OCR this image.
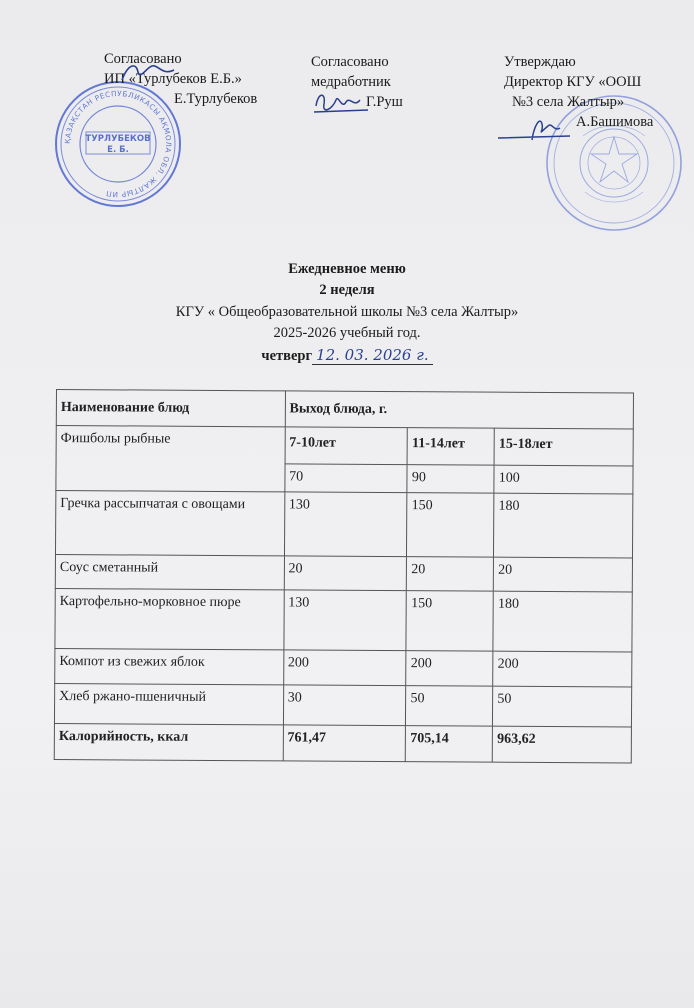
ҚАЗАҚСТАН РЕСПУБЛИКАСЫ АҚМОЛА ОБЛ. ЖАЛТЫР ИП
ТУРЛУБЕКОВ
Е. Б.
Согласовано
ИП «Турлубеков Е.Б.»
Е.Турлубеков
Согласовано
медработник
Г.Руш
Утверждаю
Директор КГУ «ООШ
№3 села Жалтыр»
А.Башимова
Ежедневное меню
2 неделя
КГУ « Общеобразовательной школы №3 села Жалтыр»
2025-2026 учебный год.
четверг 12. 03. 2026 г.
Наименование блюд	Выход блюда, г.		
Фишболы рыбные	7-10лет	11-14лет	15-18лет
	70	90	100
Гречка рассыпчатая с овощами	130	150	180
Соус сметанный	20	20	20
Картофельно-морковное пюре	130	150	180
Компот из свежих яблок	200	200	200
Хлеб ржано-пшеничный	30	50	50
Калорийность, ккал	761,47	705,14	963,62
